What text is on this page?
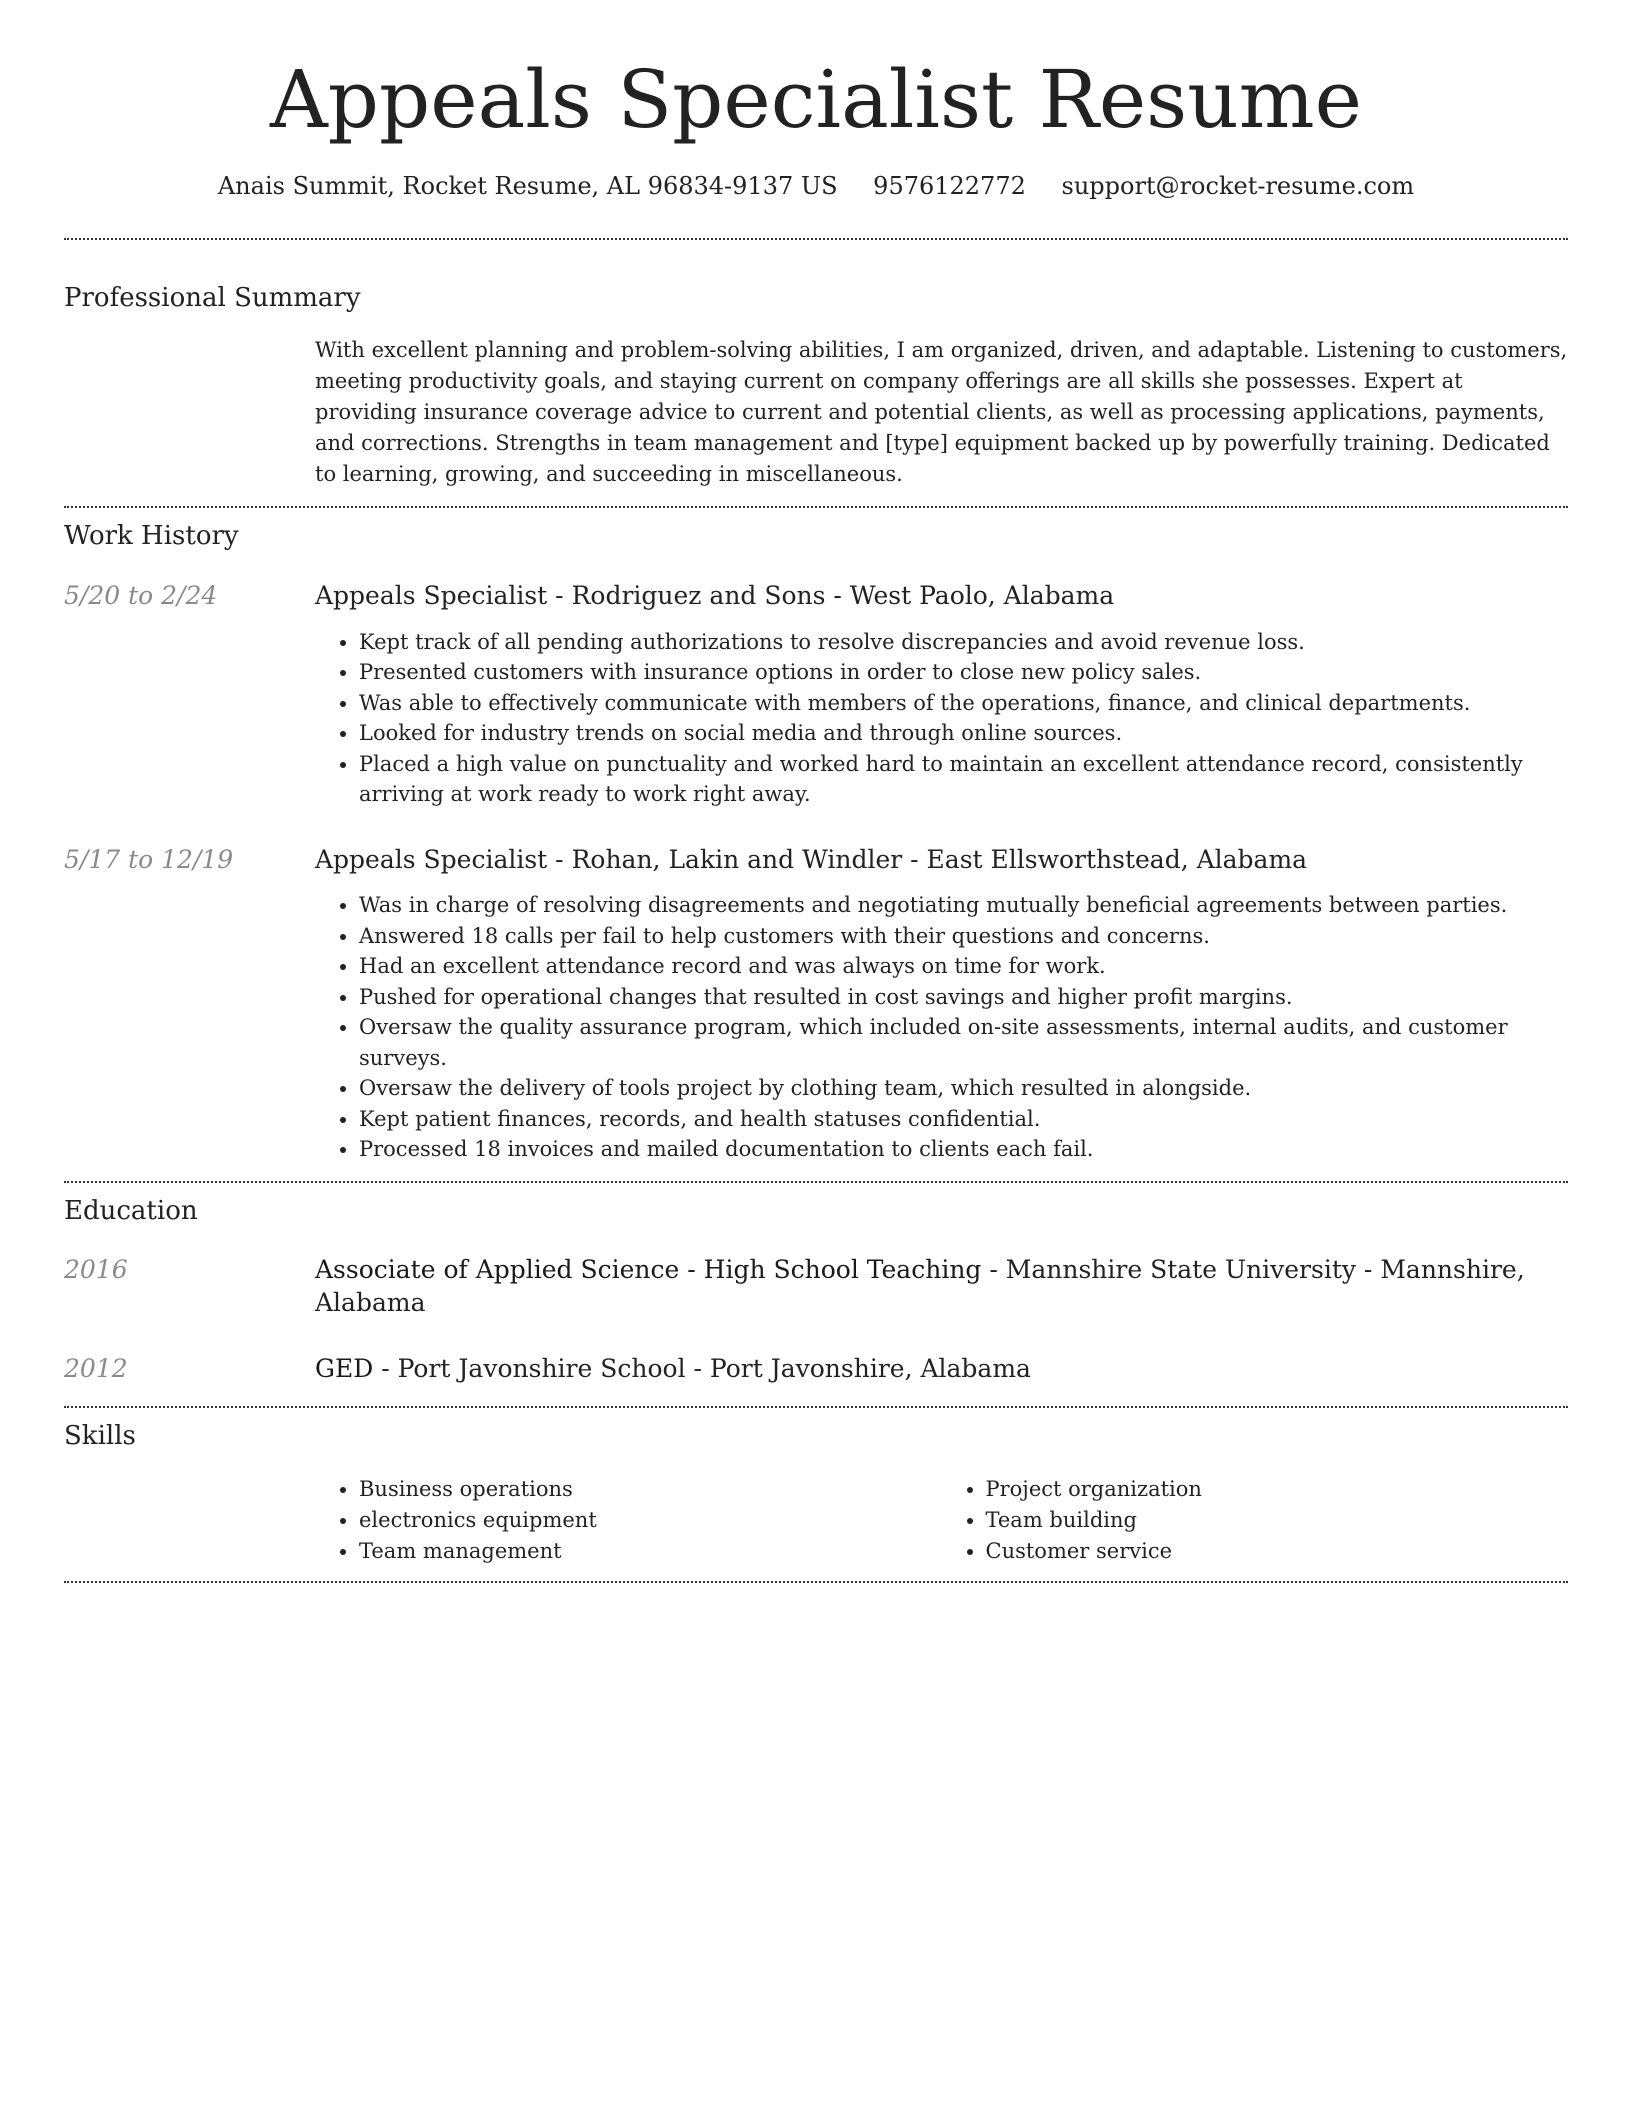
Appeals Specialist Resume
Anais Summit, Rocket Resume, AL 96834-9137 US 9576122772 support@rocket-resume.com
Professional Summary

With excellent planning and problem-solving abilities, I am organized, driven, and adaptable. Listening to customers, meeting productivity goals, and staying current on company offerings are all skills she possesses. Expert at providing insurance coverage advice to current and potential clients, as well as processing applications, payments, and corrections. Strengths in team management and [type] equipment backed up by powerfully training. Dedicated to learning, growing, and succeeding in miscellaneous.

Work History
5/20 to 2/24	Appeals Specialist - Rodriguez and Sons - West Paolo, Alabama

• Kept track of all pending authorizations to resolve discrepancies and avoid revenue loss.
• Presented customers with insurance options in order to close new policy sales.
• Was able to effectively communicate with members of the operations, finance, and clinical departments.
• Looked for industry trends on social media and through online sources.
• Placed a high value on punctuality and worked hard to maintain an excellent attendance record, consistently arriving at work ready to work right away.
5/17 to 12/19	Appeals Specialist - Rohan, Lakin and Windler - East Ellsworthstead, Alabama

• Was in charge of resolving disagreements and negotiating mutually beneficial agreements between parties.
• Answered 18 calls per fail to help customers with their questions and concerns.
• Had an excellent attendance record and was always on time for work.
• Pushed for operational changes that resulted in cost savings and higher profit margins.
• Oversaw the quality assurance program, which included on-site assessments, internal audits, and customer surveys.
• Oversaw the delivery of tools project by clothing team, which resulted in alongside.
• Kept patient finances, records, and health statuses confidential.
• Processed 18 invoices and mailed documentation to clients each fail.
Education
2016	Associate of Applied Science - High School Teaching - Mannshire State University - Mannshire, Alabama

2012	GED - Port Javonshire School - Port Javonshire, Alabama

Skills
• Business operations
• electronics equipment
• Team management
• Project organization
• Team building
• Customer service
